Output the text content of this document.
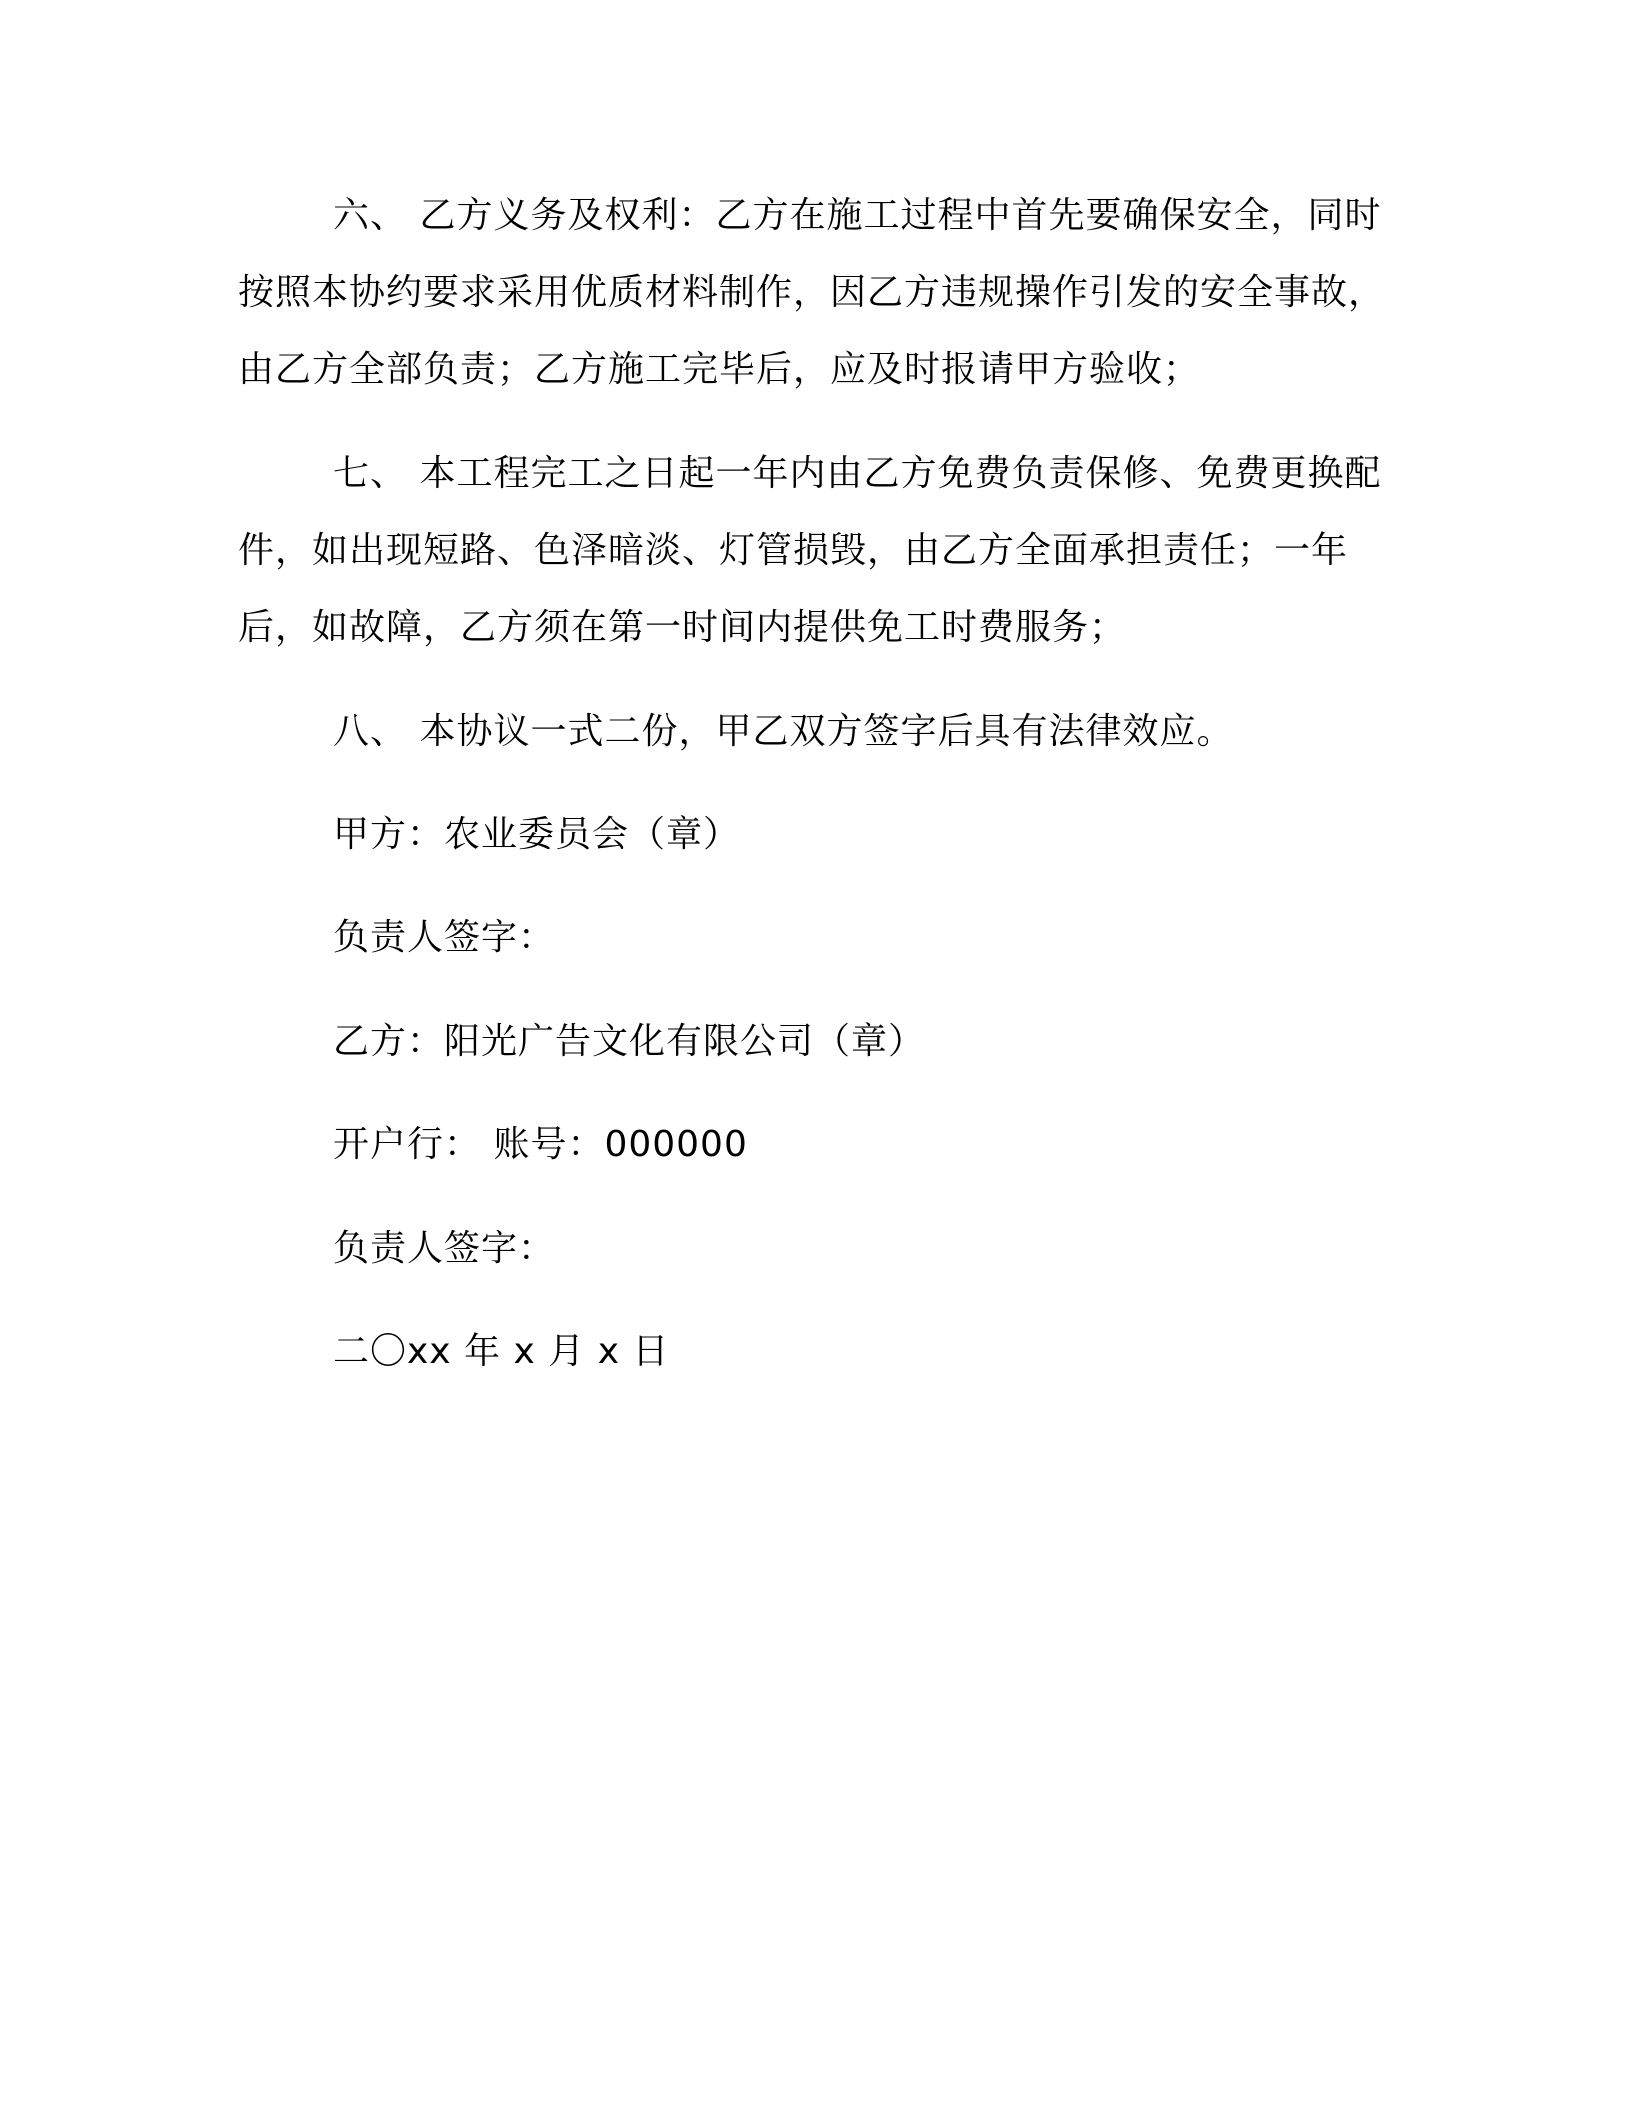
六、 乙方义务及权利：乙方在施工过程中首先要确保安全，同时
按照本协约要求采用优质材料制作，因乙方违规操作引发的安全事故，
由乙方全部负责；乙方施工完毕后，应及时报请甲方验收；
七、 本工程完工之日起一年内由乙方免费负责保修、免费更换配
件，如出现短路、色泽暗淡、灯管损毁，由乙方全面承担责任；一年
后，如故障，乙方须在第一时间内提供免工时费服务；
八、 本协议一式二份，甲乙双方签字后具有法律效应。
甲方：农业委员会（章）
负责人签字：
乙方：阳光广告文化有限公司（章）
开户行： 账号：000000
负责人签字：
二〇xx 年 x 月 x 日
